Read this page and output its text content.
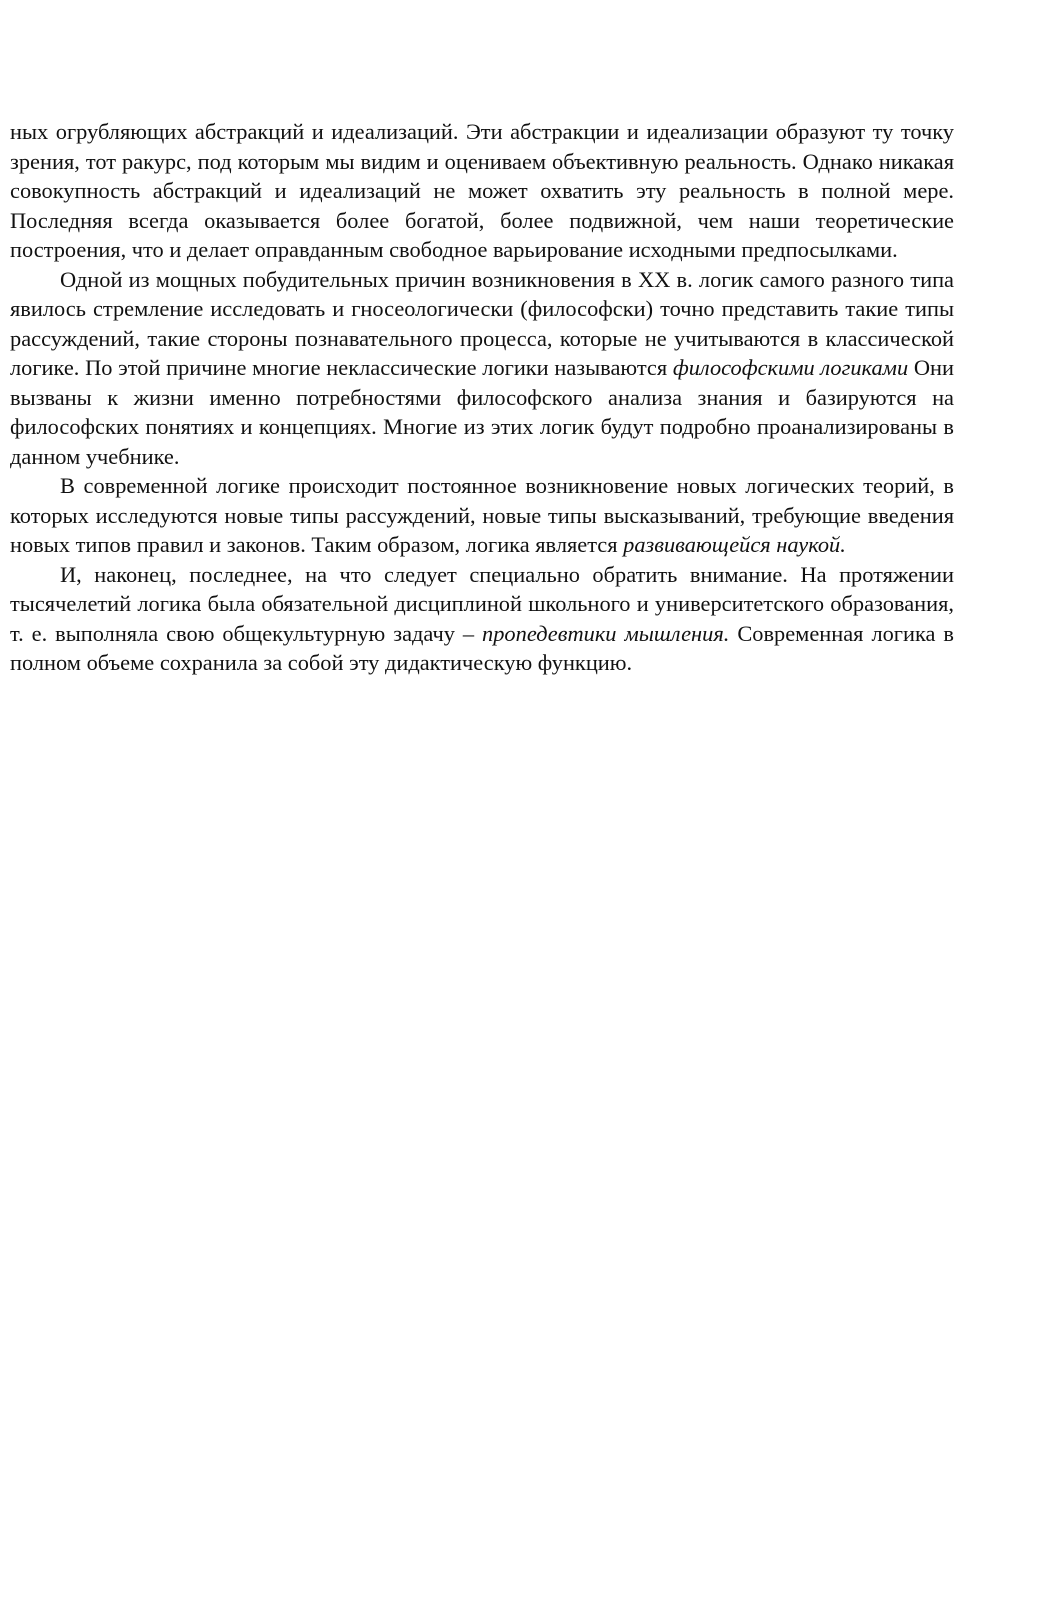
ных огрубляющих абстракций и идеализаций. Эти абстракции и идеализации образуют ту точку зрения, тот ракурс, под которым мы видим и оцениваем объективную реальность. Однако никакая совокупность абстракций и идеализаций не может охватить эту реальность в полной мере. Последняя всегда оказывается более богатой, более подвижной, чем наши теоретические построения, что и делает оправданным свободное варьирование исходными предпосылками.

Одной из мощных побудительных причин возникновения в XX в. логик самого разного типа явилось стремление исследовать и гносеологически (философски) точно представить такие типы рассуждений, такие стороны познавательного процесса, которые не учитываются в классической логике. По этой причине многие неклассические логики называются философскими логиками Они вызваны к жизни именно потребностями философского анализа знания и базируются на философских понятиях и концепциях. Многие из этих логик будут подробно проанализированы в данном учебнике.

В современной логике происходит постоянное возникновение новых логических теорий, в которых исследуются новые типы рассуждений, новые типы высказываний, требующие введения новых типов правил и законов. Таким образом, логика является развивающейся наукой.

И, наконец, последнее, на что следует специально обратить внимание. На протяжении тысячелетий логика была обязательной дисциплиной школьного и университетского образования, т. е. выполняла свою общекультурную задачу – пропедевтики мышления. Современная логика в полном объеме сохранила за собой эту дидактическую функцию.
